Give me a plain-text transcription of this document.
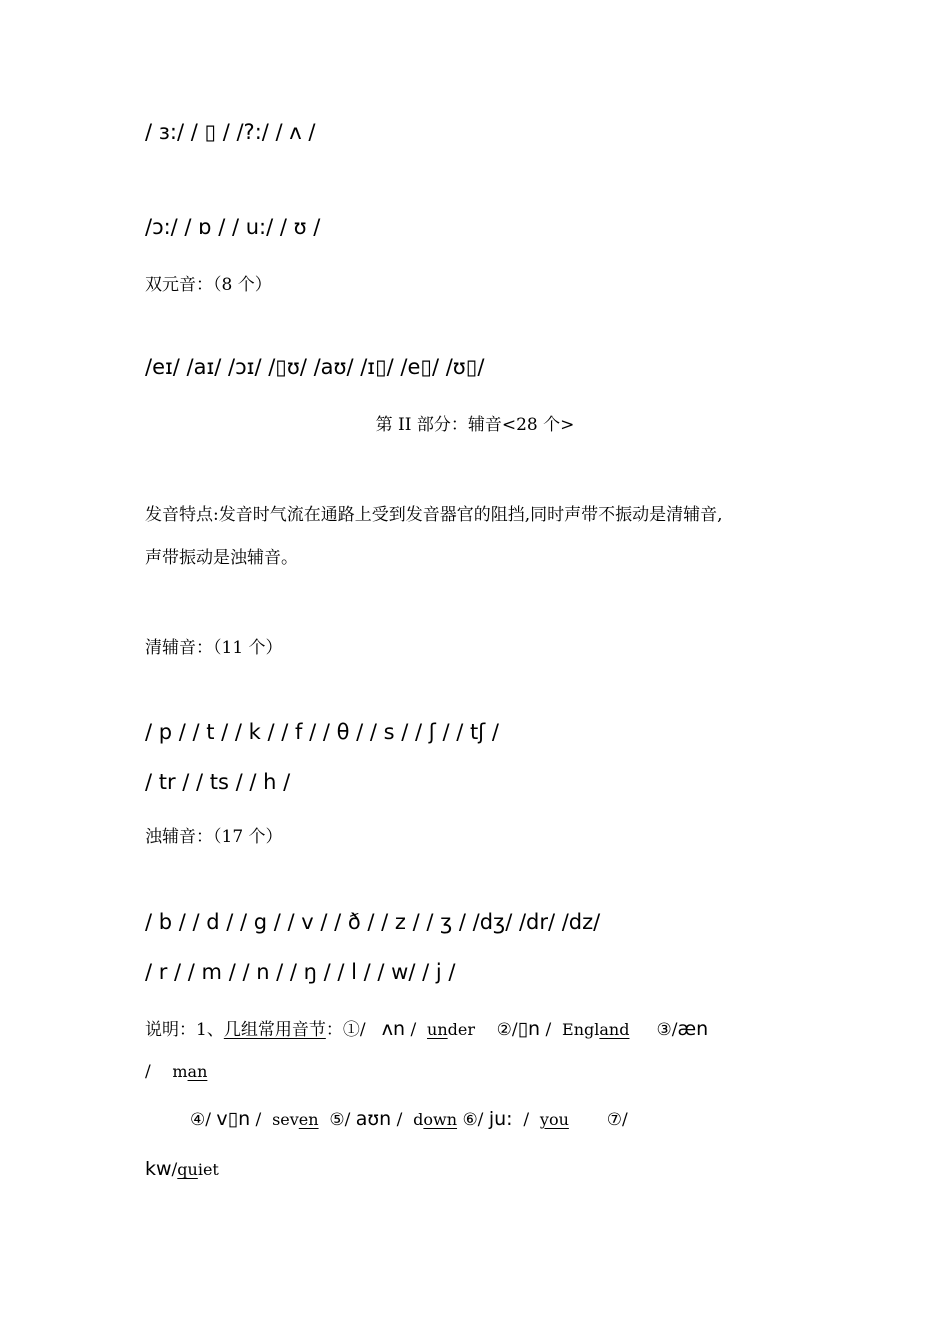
/ ɜ:/ / ▯ / /?:/ / ʌ /
/ɔ:/ / ɒ / / u:/ / ʊ /
双元音：（8 个）
/eɪ/ /aɪ/ /ɔɪ/ /▯ʊ/ /aʊ/ /ɪ▯/ /e▯/ /ʊ▯/
第 II 部分：辅音<28 个>
发音特点:发音时气流在通路上受到发音器官的阻挡,同时声带不振动是清辅音,
声带振动是浊辅音。
清辅音：（11 个）
/ p / / t / / k / / f / / θ / / s / / ʃ / / tʃ /
/ tr / / ts / / h /
浊辅音：（17 个）
/ b / / d / / g / / v / / ð / / z / / ʒ / /dʒ/ /dr/ /dz/
/ r / / m / / n / / ŋ / / l / / w/ / j /
说明：1、几组常用音节：①/ ʌn / under ②/▯n / England ③/æn
/ man
④/ v▯n / seven ⑤/ aʊn / down ⑥/ ju: / you ⑦/
kw/quiet
